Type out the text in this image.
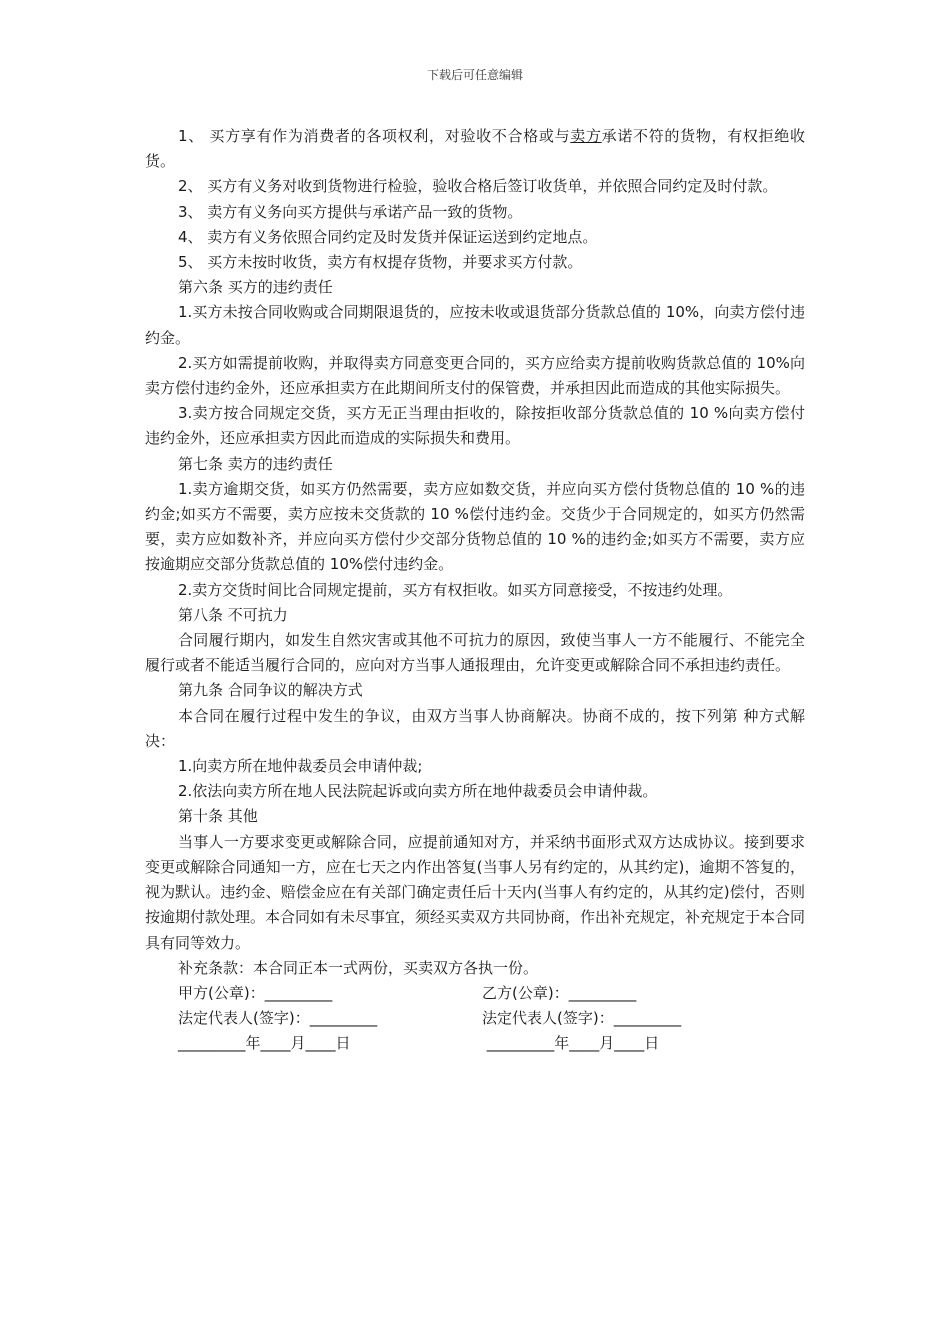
下载后可任意编辑

1、 买方享有作为消费者的各项权利，对验收不合格或与卖方承诺不符的货物，有权拒绝收货。

2、 买方有义务对收到货物进行检验，验收合格后签订收货单，并依照合同约定及时付款。

3、 卖方有义务向买方提供与承诺产品一致的货物。

4、 卖方有义务依照合同约定及时发货并保证运送到约定地点。

5、 买方未按时收货，卖方有权提存货物，并要求买方付款。

第六条 买方的违约责任

1.买方未按合同收购或合同期限退货的，应按未收或退货部分货款总值的 10%，向卖方偿付违约金。

2.买方如需提前收购，并取得卖方同意变更合同的，买方应给卖方提前收购货款总值的 10%向卖方偿付违约金外，还应承担卖方在此期间所支付的保管费，并承担因此而造成的其他实际损失。

3.卖方按合同规定交货，买方无正当理由拒收的，除按拒收部分货款总值的 10 %向卖方偿付违约金外，还应承担卖方因此而造成的实际损失和费用。

第七条 卖方的违约责任

1.卖方逾期交货，如买方仍然需要，卖方应如数交货，并应向买方偿付货物总值的 10 %的违约金;如买方不需要，卖方应按未交货款的 10 %偿付违约金。交货少于合同规定的，如买方仍然需要，卖方应如数补齐，并应向买方偿付少交部分货物总值的 10 %的违约金;如买方不需要，卖方应按逾期应交部分货款总值的 10%偿付违约金。

2.卖方交货时间比合同规定提前，买方有权拒收。如买方同意接受，不按违约处理。

第八条 不可抗力

合同履行期内，如发生自然灾害或其他不可抗力的原因，致使当事人一方不能履行、不能完全履行或者不能适当履行合同的，应向对方当事人通报理由，允许变更或解除合同不承担违约责任。

第九条 合同争议的解决方式

本合同在履行过程中发生的争议，由双方当事人协商解决。协商不成的，按下列第 种方式解决：

1.向卖方所在地仲裁委员会申请仲裁;

2.依法向卖方所在地人民法院起诉或向卖方所在地仲裁委员会申请仲裁。

第十条 其他

当事人一方要求变更或解除合同，应提前通知对方，并采纳书面形式双方达成协议。接到要求变更或解除合同通知一方，应在七天之内作出答复(当事人另有约定的，从其约定)，逾期不答复的，视为默认。违约金、赔偿金应在有关部门确定责任后十天内(当事人有约定的，从其约定)偿付，否则按逾期付款处理。本合同如有未尽事宜，须经买卖双方共同协商，作出补充规定，补充规定于本合同具有同等效力。

补充条款：本合同正本一式两份，买卖双方各执一份。

甲方(公章)：_________	乙方(公章)：_________
法定代表人(签字)：_________	法定代表人(签字)：_________
_________年____月____日	_________年____月____日
